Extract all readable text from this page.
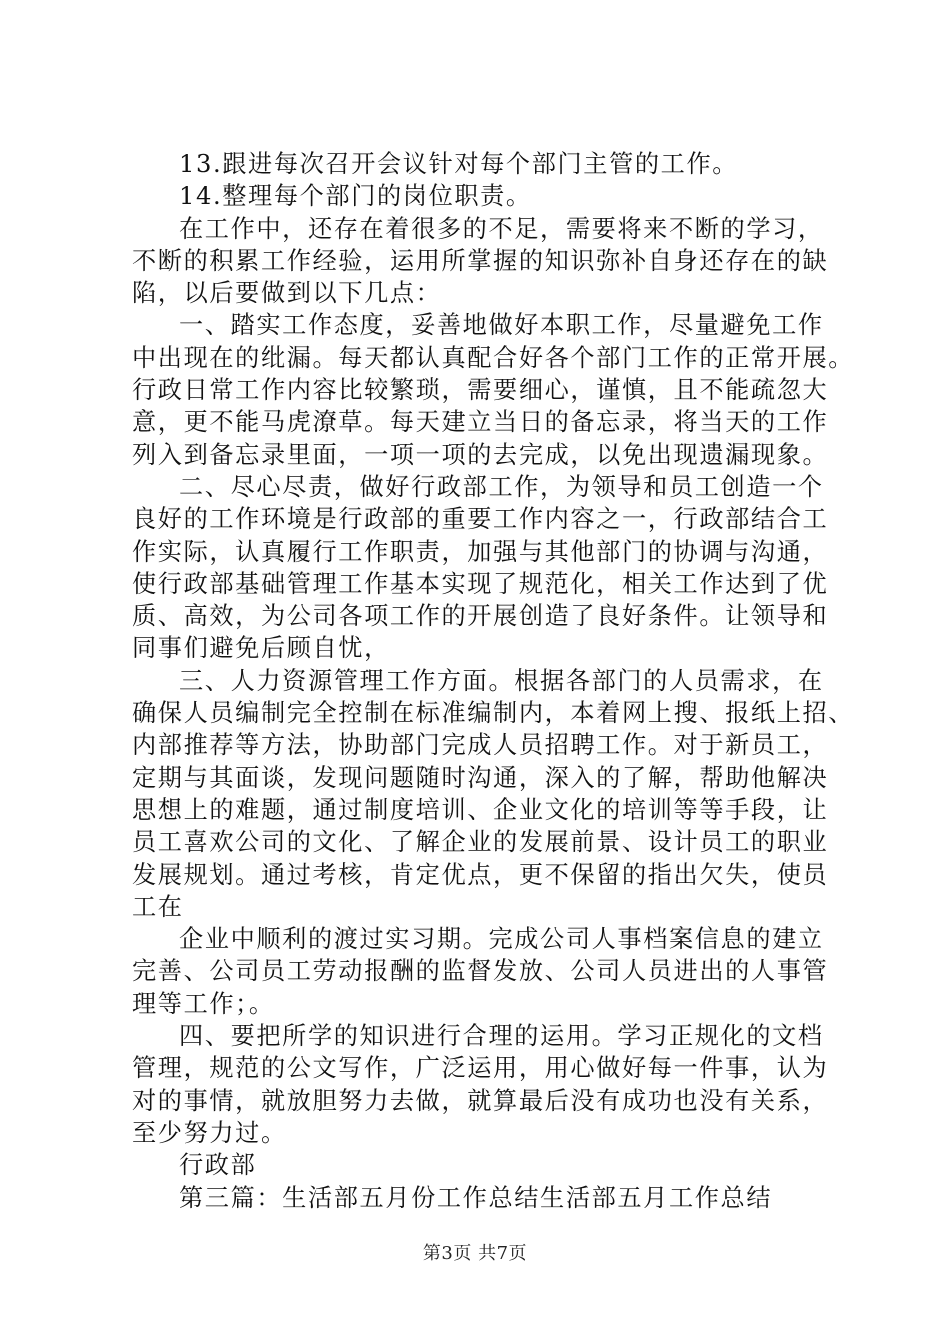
13.跟进每次召开会议针对每个部门主管的工作。
14.整理每个部门的岗位职责。
在工作中，还存在着很多的不足，需要将来不断的学习，
不断的积累工作经验，运用所掌握的知识弥补自身还存在的缺
陷，以后要做到以下几点：
一、踏实工作态度，妥善地做好本职工作，尽量避免工作
中出现在的纰漏。每天都认真配合好各个部门工作的正常开展。
行政日常工作内容比较繁琐，需要细心，谨慎，且不能疏忽大
意，更不能马虎潦草。每天建立当日的备忘录，将当天的工作
列入到备忘录里面，一项一项的去完成，以免出现遗漏现象。
二、尽心尽责，做好行政部工作，为领导和员工创造一个
良好的工作环境是行政部的重要工作内容之一，行政部结合工
作实际，认真履行工作职责，加强与其他部门的协调与沟通，
使行政部基础管理工作基本实现了规范化，相关工作达到了优
质、高效，为公司各项工作的开展创造了良好条件。让领导和
同事们避免后顾自忧，
三、人力资源管理工作方面。根据各部门的人员需求，在
确保人员编制完全控制在标准编制内，本着网上搜、报纸上招、
内部推荐等方法，协助部门完成人员招聘工作。对于新员工，
定期与其面谈，发现问题随时沟通，深入的了解，帮助他解决
思想上的难题，通过制度培训、企业文化的培训等等手段，让
员工喜欢公司的文化、了解企业的发展前景、设计员工的职业
发展规划。通过考核，肯定优点，更不保留的指出欠失，使员
工在
企业中顺利的渡过实习期。完成公司人事档案信息的建立
完善、公司员工劳动报酬的监督发放、公司人员进出的人事管
理等工作；。
四、要把所学的知识进行合理的运用。学习正规化的文档
管理，规范的公文写作，广泛运用，用心做好每一件事，认为
对的事情，就放胆努力去做，就算最后没有成功也没有关系，
至少努力过。
行政部
第三篇：生活部五月份工作总结生活部五月工作总结
第3页 共7页
